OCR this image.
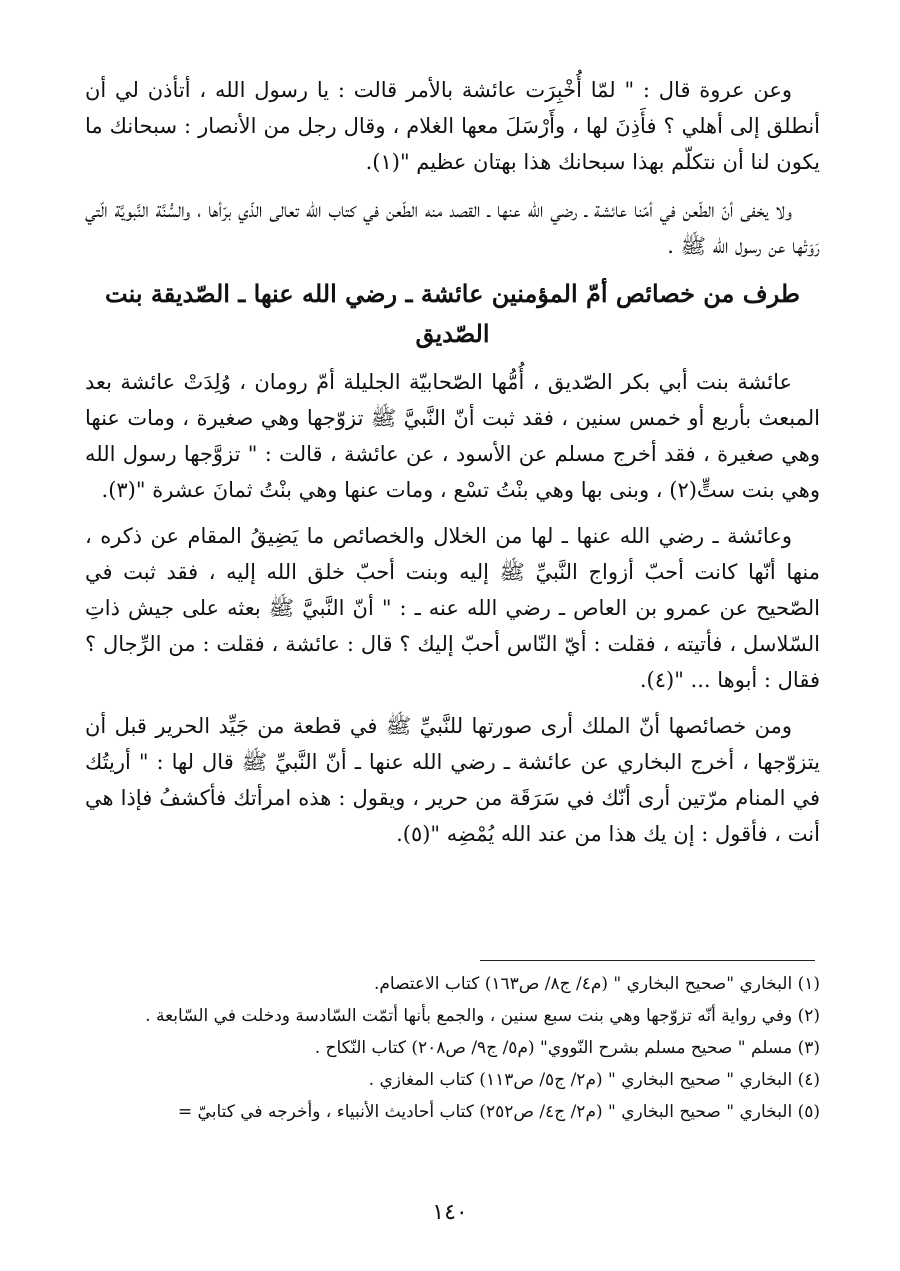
وعن عروة قال : " لمّا أُخْبِرَت عائشة بالأمر قالت : يا رسول الله ، أتأذن لي أن أنطلق إلى أهلي ؟ فأَذِنَ لها ، وأَرْسَلَ معها الغلام ، وقال رجل من الأنصار : سبحانك ما يكون لنا أن نتكلّم بهذا سبحانك هذا بهتان عظيم "(١).

ولا يخفى أنّ الطّعن في أمّنا عائشة ـ رضي الله عنها ـ القصد منه الطّعن في كتاب الله تعالى الذّي برّأها ، والسُّنَّة النَّبويَّة الّتي رَوَتْها عن رسول الله ﷺ .

طرف من خصائص أمّ المؤمنين عائشة ـ رضي الله عنها ـ الصّديقة بنت الصّديق

عائشة بنت أبي بكر الصّديق ، أُمُّها الصّحابيّة الجليلة أمّ رومان ، وُلِدَتْ عائشة بعد المبعث بأربع أو خمس سنين ، فقد ثبت أنّ النَّبيَّ ﷺ تزوّجها وهي صغيرة ، ومات عنها وهي صغيرة ، فقد أخرج مسلم عن الأسود ، عن عائشة ، قالت : " تزوَّجها رسول الله وهي بنت ستٍّ(٢) ، وبنى بها وهي بنْتُ تسْع ، ومات عنها وهي بنْتُ ثمانَ عشرة "(٣).

وعائشة ـ رضي الله عنها ـ لها من الخلال والخصائص ما يَضِيقُ المقام عن ذكره ، منها أنّها كانت أحبّ أزواج النَّبيِّ ﷺ إليه وبنت أحبّ خلق الله إليه ، فقد ثبت في الصّحيح عن عمرو بن العاص ـ رضي الله عنه ـ : " أنّ النَّبيَّ ﷺ بعثه على جيش ذاتِ السّلاسل ، فأتيته ، فقلت : أيّ النّاس أحبّ إليك ؟ قال : عائشة ، فقلت : من الرِّجال ؟ فقال : أبوها ... "(٤).

ومن خصائصها أنّ الملك أرى صورتها للنَّبيِّ ﷺ في قطعة من جَيِّد الحرير قبل أن يتزوّجها ، أخرج البخاري عن عائشة ـ رضي الله عنها ـ أنّ النَّبيِّ ﷺ قال لها : " أريتُك في المنام مرّتين أرى أنّك في سَرَقَة من حرير ، ويقول : هذه امرأتك فأكشفُ فإذا هي أنت ، فأقول : إن يك هذا من عند الله يُمْضِه "(٥).

(١) البخاري "صحيح البخاري " (م٤/ ج٨/ ص١٦٣) كتاب الاعتصام.
(٢) وفي رواية أنّه تزوّجها وهي بنت سبع سنين ، والجمع بأنها أتمّت السّادسة ودخلت في السّابعة .
(٣) مسلم " صحيح مسلم بشرح النّووي" (م٥/ ج٩/ ص٢٠٨) كتاب النّكاح .
(٤) البخاري " صحيح البخاري " (م٢/ ج٥/ ص١١٣) كتاب المغازي .
(٥) البخاري " صحيح البخاري " (م٢/ ج٤/ ص٢٥٢) كتاب أحاديث الأنبياء ، وأخرجه في كتابيّ =
١٤٠
